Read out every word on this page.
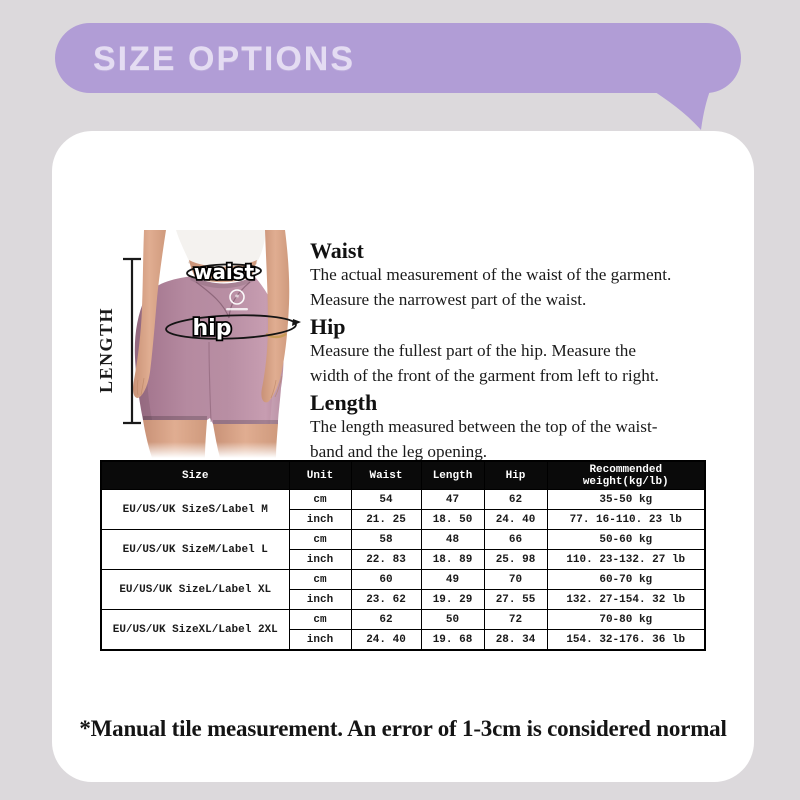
SIZE OPTIONS
*
waist
hip
LENGTH
Waist
The actual measurement of the waist of the garment.
Measure the narrowest part of the waist.
Hip
Measure the fullest part of the hip. Measure the
width of the front of the garment from left to right.
Length
The length measured between the top of the waist-
band and the leg opening.
Size	Unit	Waist	Length	Hip	Recommended weight(kg/lb)
EU/US/UK SizeS/Label M	cm	54	47	62	35-50 kg
	inch	21. 25	18. 50	24. 40	77. 16-110. 23 lb
EU/US/UK SizeM/Label L	cm	58	48	66	50-60 kg
	inch	22. 83	18. 89	25. 98	110. 23-132. 27 lb
EU/US/UK SizeL/Label XL	cm	60	49	70	60-70 kg
	inch	23. 62	19. 29	27. 55	132. 27-154. 32 lb
EU/US/UK SizeXL/Label 2XL	cm	62	50	72	70-80 kg
	inch	24. 40	19. 68	28. 34	154. 32-176. 36 lb
*Manual tile measurement. An error of 1-3cm is considered normal
